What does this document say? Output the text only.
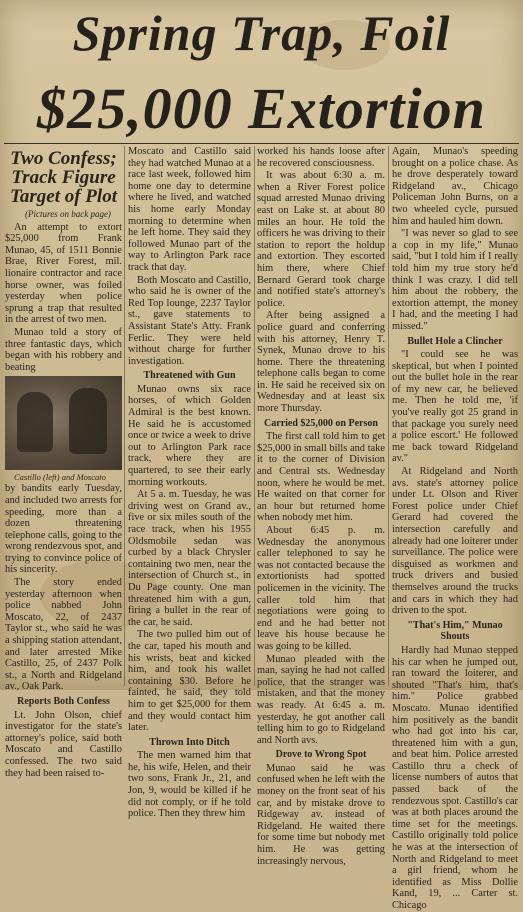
Spring Trap, Foil
$25,000 Extortion
Two Confess; Track Figure Target of Plot

(Pictures on back page)

An attempt to extort $25,000 from Frank Munao, 45, of 1511 Bonnie Brae, River Forest, mil. lionaire contractor and race horse owner, was foiled yesterday when police sprung a trap that resulted in the arrest of two men.

Munao told a story of three fantastic days, which began with his robbery and beating

Castillo (left) and Moscato

by bandits early Tuesday, and included two arrests for speeding, more than a dozen threatening telephone calls, going to the wrong rendezvous spot, and trying to convince police of his sincerity.

The story ended yesterday afternoon when police nabbed John Moscato, 22, of 2437 Taylor st., who said he was a shipping station attendant, and later arrested Mike Castillo, 25, of 2437 Polk st., a North and Ridgeland av., Oak Park.

Reports Both Confess

Lt. John Olson, chief investigator for the state's attorney's police, said both Moscato and Castillo confessed. The two said they had been raised to-

Moscato and Castillo said they had watched Munao at a race last week, followed him home one day to determine where he lived, and watched his home early Monday morning to determine when he left home. They said they followed Munao part of the way to Arlington Park race track that day.

Both Moscato and Castillo, who said he is owner of the Red Top lounge, 2237 Taylor st., gave statements to Assistant State's Atty. Frank Ferlic. They were held without charge for further investigation.

Threatened with Gun

Munao owns six race horses, of which Golden Admiral is the best known. He said he is accustomed once or twice a week to drive out to Arlington Park race track, where they are quartered, to see their early morning workouts.

At 5 a. m. Tuesday, he was driving west on Grand av., five or six miles south of the race track, when his 1955 Oldsmobile sedan was curbed by a black Chrysler containing two men, near the intersection of Church st., in Du Page county. One man threatened him with a gun, firing a bullet in the rear of the car, he said.

The two pulled him out of the car, taped his mouth and his wrists, beat and kicked him, and took his wallet containing $30. Before he fainted, he said, they told him to get $25,000 for them and they would contact him later.

Thrown Into Ditch

The men warned him that he, his wife, Helen, and their two sons, Frank Jr., 21, and Jon, 9, would be killed if he did not comply, or if he told police. Then they threw him

worked his hands loose after he recovered consciousness.

It was about 6:30 a. m. when a River Forest police squad arrested Munao driving east on Lake st. at about 80 miles an hour. He told the officers he was driving to their station to report the holdup and extortion. They escorted him there, where Chief Bernard Gerard took charge and notified state's attorney's police.

After being assigned a police guard and conferring with his attorney, Henry T. Synek, Munao drove to his home. There the threatening telephone calls began to come in. He said he received six on Wednesday and at least six more Thursday.

Carried $25,000 on Person

The first call told him to get $25,000 in small bills and take it to the corner of Division and Central sts. Wednesday noon, where he would be met. He waited on that corner for an hour but returned home when nobody met him.

About 6:45 p. m. Wednesday the anonymous caller telephoned to say he was not contacted because the extortionists had spotted policemen in the vicinity. The caller told him that negotiations were going to end and he had better not leave his house because he was going to be killed.

Munao pleaded with the man, saying he had not called police, that the stranger was mistaken, and that the money was ready. At 6:45 a. m. yesterday, he got another call telling him to go to Ridgeland and North avs.

Drove to Wrong Spot

Munao said he was confused when he left with the money on the front seat of his car, and by mistake drove to Ridgeway av. instead of Ridgeland. He waited there for some time but nobody met him. He was getting increasingly nervous,

Again, Munao's speeding brought on a police chase. As he drove desperately toward Ridgeland av., Chicago Policeman John Burns, on a two wheeled cycle, pursued him and hauled him down.

"I was never so glad to see a cop in my life," Munao said, "but I told him if I really told him my true story he'd think I was crazy. I did tell him about the robbery, the extortion attempt, the money I had, and the meeting I had missed."

Bullet Hole a Clincher

"I could see he was skeptical, but when I pointed out the bullet hole in the rear of my new car, he believed me. Then he told me, 'if you've really got 25 grand in that package you surely need a police escort.' He followed me back toward Ridgeland av."

At Ridgeland and North avs. state's attorney police under Lt. Olson and River Forest police under Chief Gerard had covered the intersection carefully and already had one loiterer under surveillance. The police were disguised as workmen and truck drivers and busied themselves around the trucks and cars in which they had driven to the spot.

"That's Him," Munao Shouts

Hardly had Munao stepped his car when he jumped out, ran toward the loiterer, and shouted "That's him, that's him." Police grabbed Moscato. Munao identified him positively as the bandit who had got into his car, threatened him with a gun, and beat him. Police arrested Castillo thru a check of license numbers of autos that passed back of the rendezvous spot. Castillo's car was at both places around the time set for the meetings. Castillo originally told police he was at the intersection of North and Ridgeland to meet a girl friend, whom he identified as Miss Dollie Kand, 19, ... Carter st. Chicago
